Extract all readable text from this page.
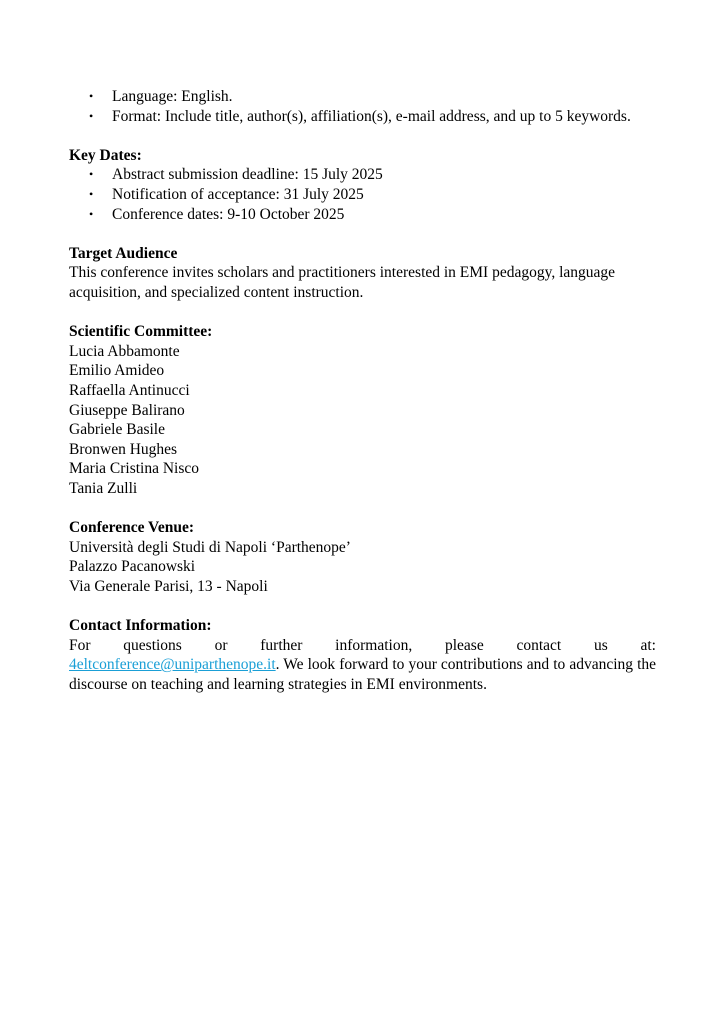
• Language: English.
• Format: Include title, author(s), affiliation(s), e-mail address, and up to 5 keywords.
Key Dates:
• Abstract submission deadline: 15 July 2025
• Notification of acceptance: 31 July 2025
• Conference dates: 9-10 October 2025
Target Audience
This conference invites scholars and practitioners interested in EMI pedagogy, language acquisition, and specialized content instruction.
Scientific Committee:
Lucia Abbamonte
Emilio Amideo
Raffaella Antinucci
Giuseppe Balirano
Gabriele Basile
Bronwen Hughes
Maria Cristina Nisco
Tania Zulli
Conference Venue:
Università degli Studi di Napoli ‘Parthenope’
Palazzo Pacanowski
Via Generale Parisi, 13 - Napoli
Contact Information:
For questions or further information, please contact us at:
4eltconference@uniparthenope.it. We look forward to your contributions and to advancing the discourse on teaching and learning strategies in EMI environments.
